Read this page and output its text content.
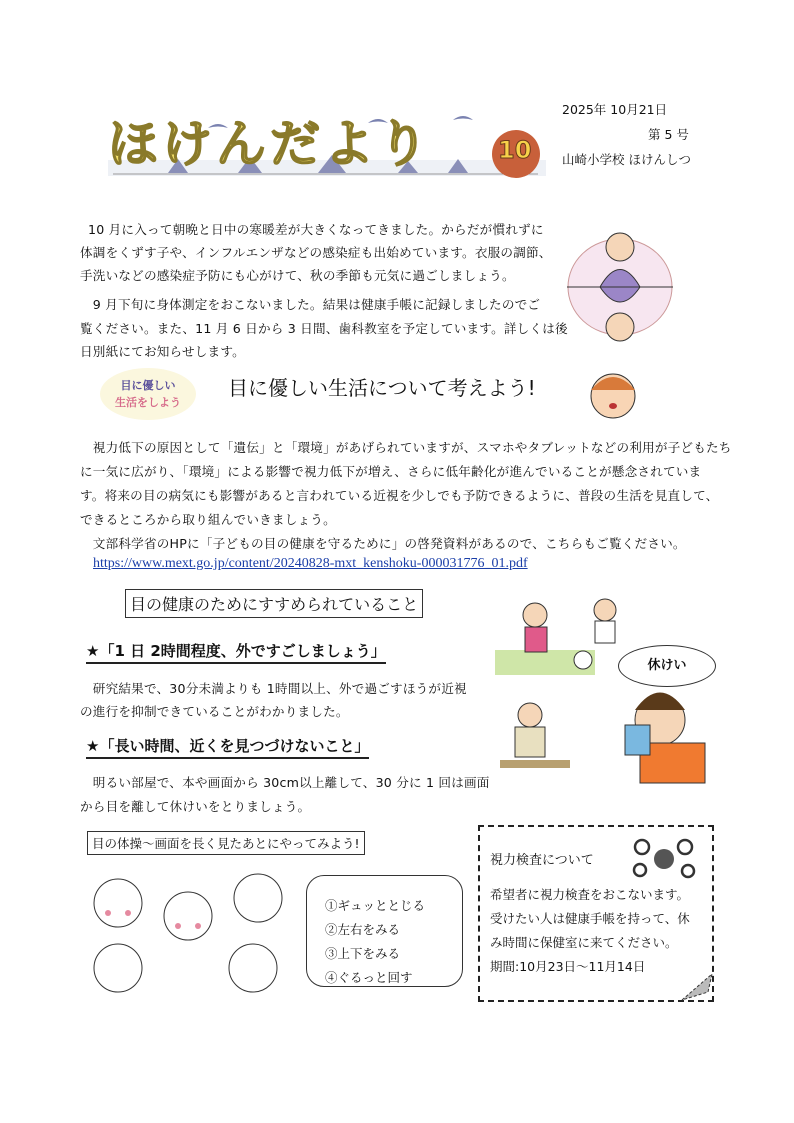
ほけんだより	10
2025年 10月21日
第 5 号
山崎小学校 ほけんしつ
10 月に入って朝晩と日中の寒暖差が大きくなってきました。からだが慣れずに
体調をくずす子や、インフルエンザなどの感染症も出始めています。衣服の調節、
手洗いなどの感染症予防にも心がけて、秋の季節も元気に過ごしましょう。
　9 月下旬に身体測定をおこないました。結果は健康手帳に記録しましたのでご
覧ください。また、11 月 6 日から 3 日間、歯科教室を予定しています。詳しくは後
日別紙にてお知らせします。
目に優しい
生活をしよう
目に優しい生活について考えよう!
　視力低下の原因として「遺伝」と「環境」があげられていますが、スマホやタブレットなどの利用が子どもたち
に一気に広がり、「環境」による影響で視力低下が増え、さらに低年齢化が進んでいることが懸念されていま
す。将来の目の病気にも影響があると言われている近視を少しでも予防できるように、普段の生活を見直して、
できるところから取り組んでいきましょう。
　文部科学省のHPに「子どもの目の健康を守るために」の啓発資料があるので、こちらもご覧ください。
https://www.mext.go.jp/content/20240828-mxt_kenshoku-000031776_01.pdf
目の健康のためにすすめられていること
★「1 日 2時間程度、外ですごしましょう」
　研究結果で、30分未満よりも 1時間以上、外で過ごすほうが近視
の進行を抑制できていることがわかりました。
★「長い時間、近くを見つづけないこと」
　明るい部屋で、本や画面から 30cm以上離して、30 分に 1 回は画面
から目を離して休けいをとりましょう。
休けい
目の体操～画面を長く見たあとにやってみよう!
①ギュッととじる
②左右をみる
③上下をみる
④ぐるっと回す
視力検査について
希望者に視力検査をおこないます。
受けたい人は健康手帳を持って、休
み時間に保健室に来てください。
期間:10月23日～11月14日
